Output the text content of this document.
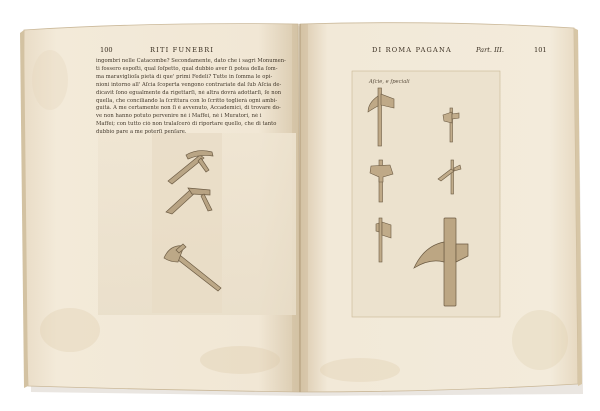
100	RITI FUNEBRI
ingombri nelle Catacombe? Secondamente, dato che i sagri Monumen-
ti fossero espoſti, qual ſoſpetto, qual dubbio aver ſi potea della ſom-
ma maraviglioſa pietà di que' primi Fedeli? Tutte in ſomma le opi-
nioni intorno all' Aſcia ſcoperta vengono contrariate dal ſub Aſcia de-
dicavit ſono egualmente da rigettarſi, nè altra dovrà adottarſi, ſe non
quella, che conciliando la ſcrittura con lo ſcritto toglierà ogni ambi-
guità. A me certamente non ſi è avvenuto, Accademici, di trovare do-
ve non hanno potuto pervenire nè i Maffei, nè i Muratori, nè i
Maffei; con tutto ciò non tralaſcerò di riportare quello, che di tanto
dubbio pare a me poterſi penſare.
DI ROMA PAGANA	Part. III.	101
Aſcie, e ſpeciali
